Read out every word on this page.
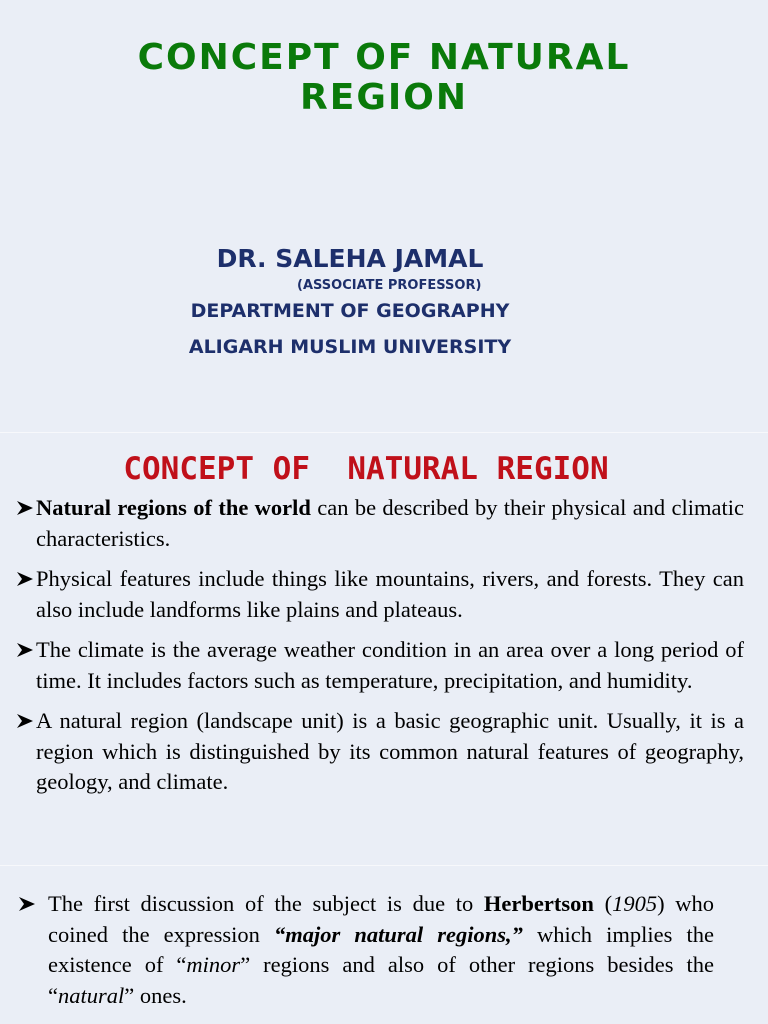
CONCEPT OF NATURAL
REGION
DR. SALEHA JAMAL
(ASSOCIATE PROFESSOR)
DEPARTMENT OF GEOGRAPHY
ALIGARH MUSLIM UNIVERSITY
CONCEPT OF  NATURAL REGION
Natural regions of the world can be described by their physical and climatic characteristics.
Physical features include things like mountains, rivers, and forests. They can also include landforms like plains and plateaus.
The climate is the average weather condition in an area over a long period of time. It includes factors such as temperature, precipitation, and humidity.
A natural region (landscape unit) is a basic geographic unit. Usually, it is a region which is distinguished by its common natural features of geography, geology, and climate.
The first discussion of the subject is due to Herbertson (1905) who coined the expression “major natural regions,” which implies the existence of “minor” regions and also of other regions besides the “natural” ones.
